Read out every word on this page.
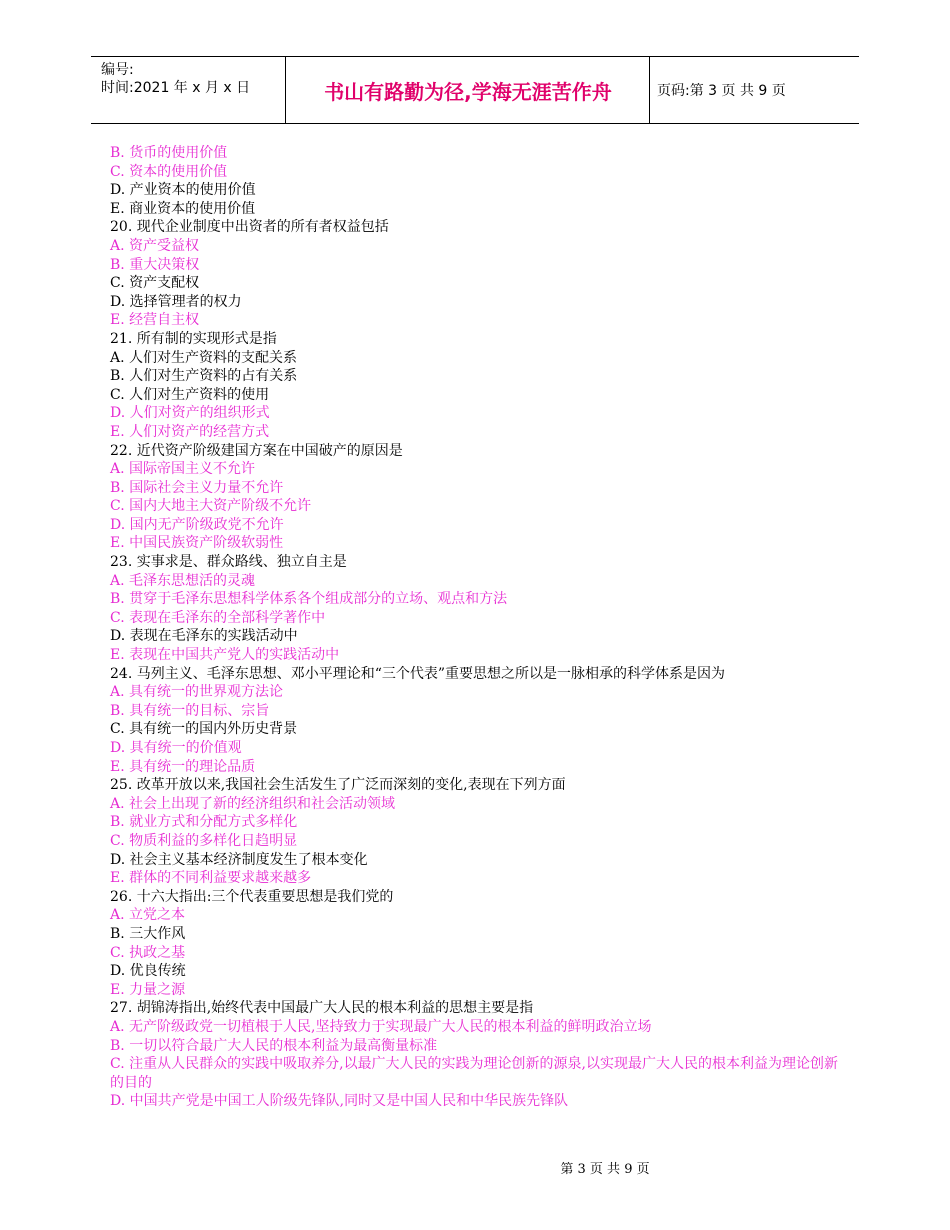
编号:
时间:2021 年 x 月 x 日	书山有路勤为径,学海无涯苦作舟	页码:第 3 页 共 9 页
B. 货币的使用价值
C. 资本的使用价值
D. 产业资本的使用价值
E. 商业资本的使用价值
20. 现代企业制度中出资者的所有者权益包括
A. 资产受益权
B. 重大决策权
C. 资产支配权
D. 选择管理者的权力
E. 经营自主权
21. 所有制的实现形式是指
A. 人们对生产资料的支配关系
B. 人们对生产资料的占有关系
C. 人们对生产资料的使用
D. 人们对资产的组织形式
E. 人们对资产的经营方式
22. 近代资产阶级建国方案在中国破产的原因是
A. 国际帝国主义不允许
B. 国际社会主义力量不允许
C. 国内大地主大资产阶级不允许
D. 国内无产阶级政党不允许
E. 中国民族资产阶级软弱性
23. 实事求是、群众路线、独立自主是
A. 毛泽东思想活的灵魂
B. 贯穿于毛泽东思想科学体系各个组成部分的立场、观点和方法
C. 表现在毛泽东的全部科学著作中
D. 表现在毛泽东的实践活动中
E. 表现在中国共产党人的实践活动中
24. 马列主义、毛泽东思想、邓小平理论和“三个代表”重要思想之所以是一脉相承的科学体系是因为
A. 具有统一的世界观方法论
B. 具有统一的目标、宗旨
C. 具有统一的国内外历史背景
D. 具有统一的价值观
E. 具有统一的理论品质
25. 改革开放以来,我国社会生活发生了广泛而深刻的变化,表现在下列方面
A. 社会上出现了新的经济组织和社会活动领域
B. 就业方式和分配方式多样化
C. 物质利益的多样化日趋明显
D. 社会主义基本经济制度发生了根本变化
E. 群体的不同利益要求越来越多
26. 十六大指出:三个代表重要思想是我们党的
A. 立党之本
B. 三大作风
C. 执政之基
D. 优良传统
E. 力量之源
27. 胡锦涛指出,始终代表中国最广大人民的根本利益的思想主要是指
A. 无产阶级政党一切植根于人民,坚持致力于实现最广大人民的根本利益的鲜明政治立场
B. 一切以符合最广大人民的根本利益为最高衡量标准
C. 注重从人民群众的实践中吸取养分,以最广大人民的实践为理论创新的源泉,以实现最广大人民的根本利益为理论创新的目的
D. 中国共产党是中国工人阶级先锋队,同时又是中国人民和中华民族先锋队
第 3 页 共 9 页
